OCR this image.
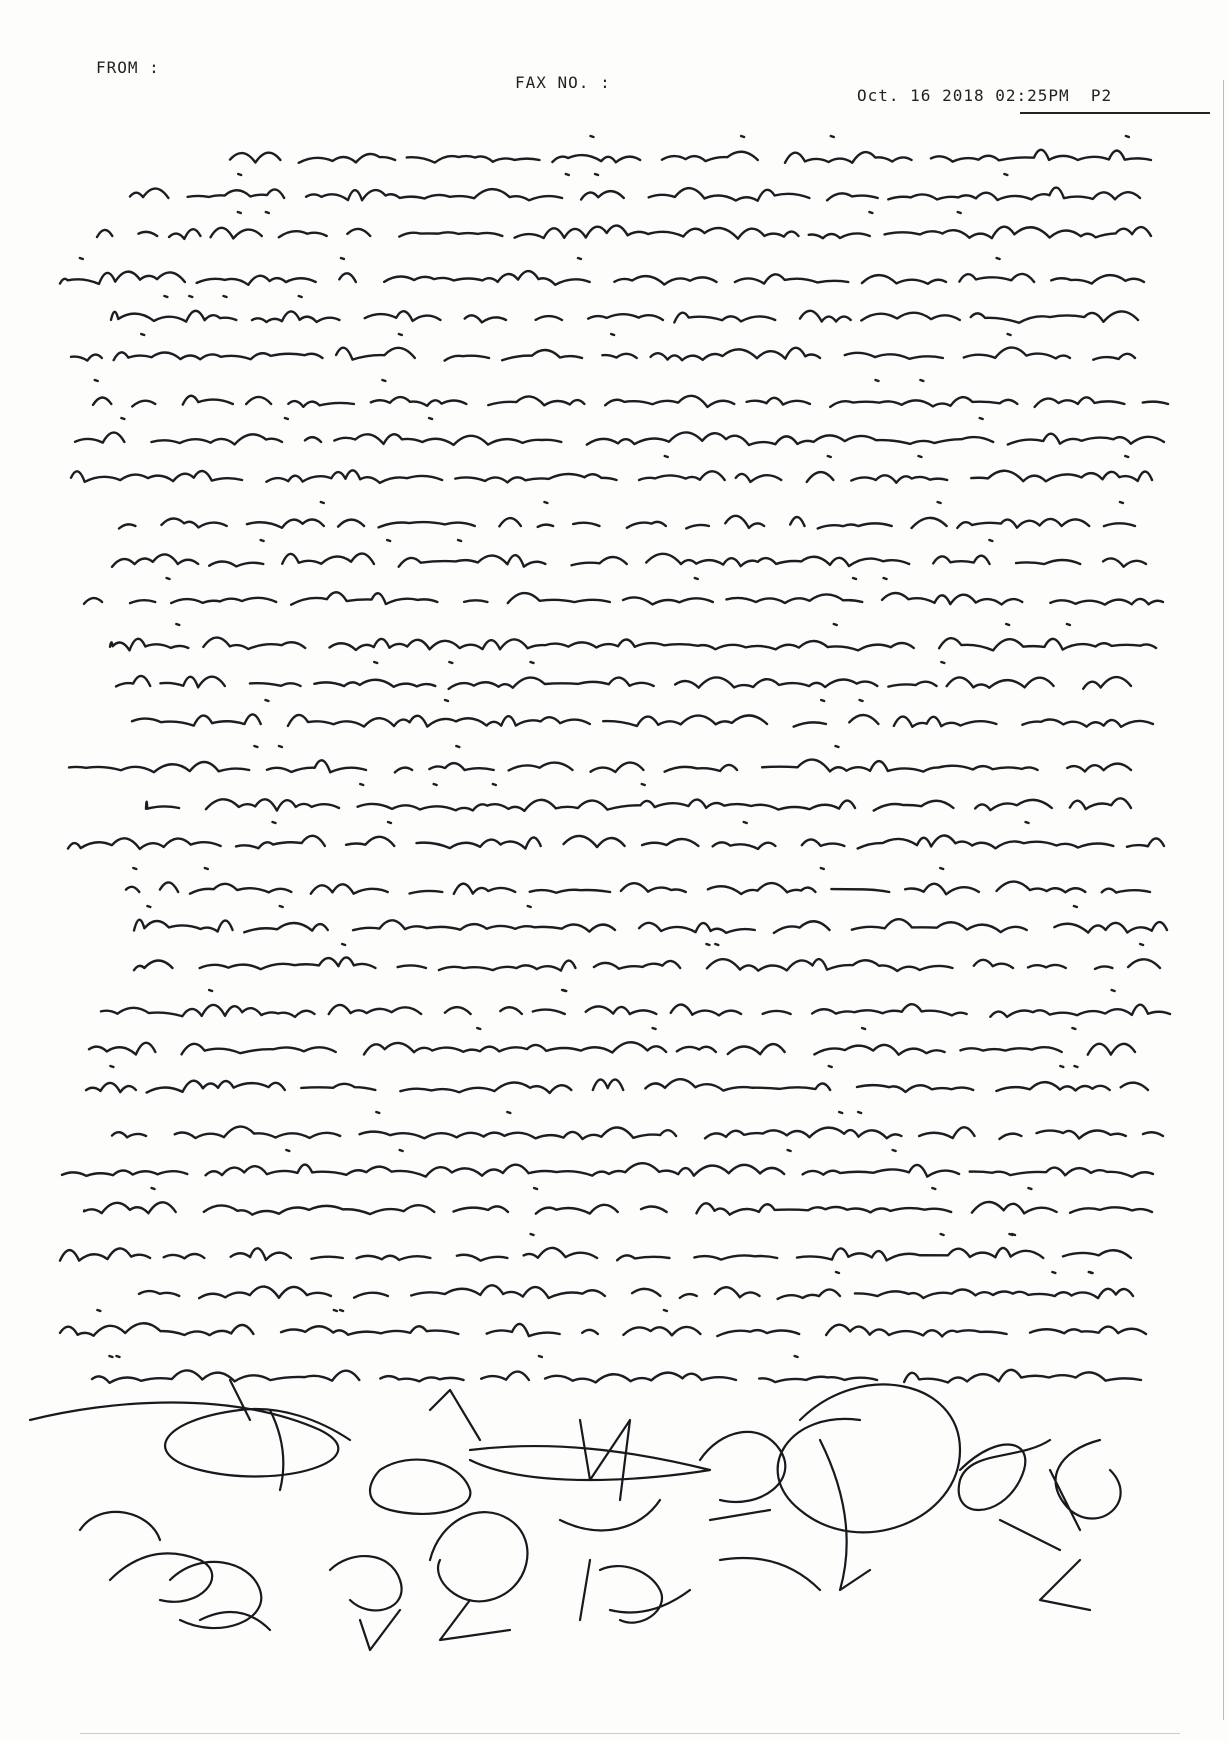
FROM :
FAX NO. :
Oct. 16 2018 02:25PM P2
